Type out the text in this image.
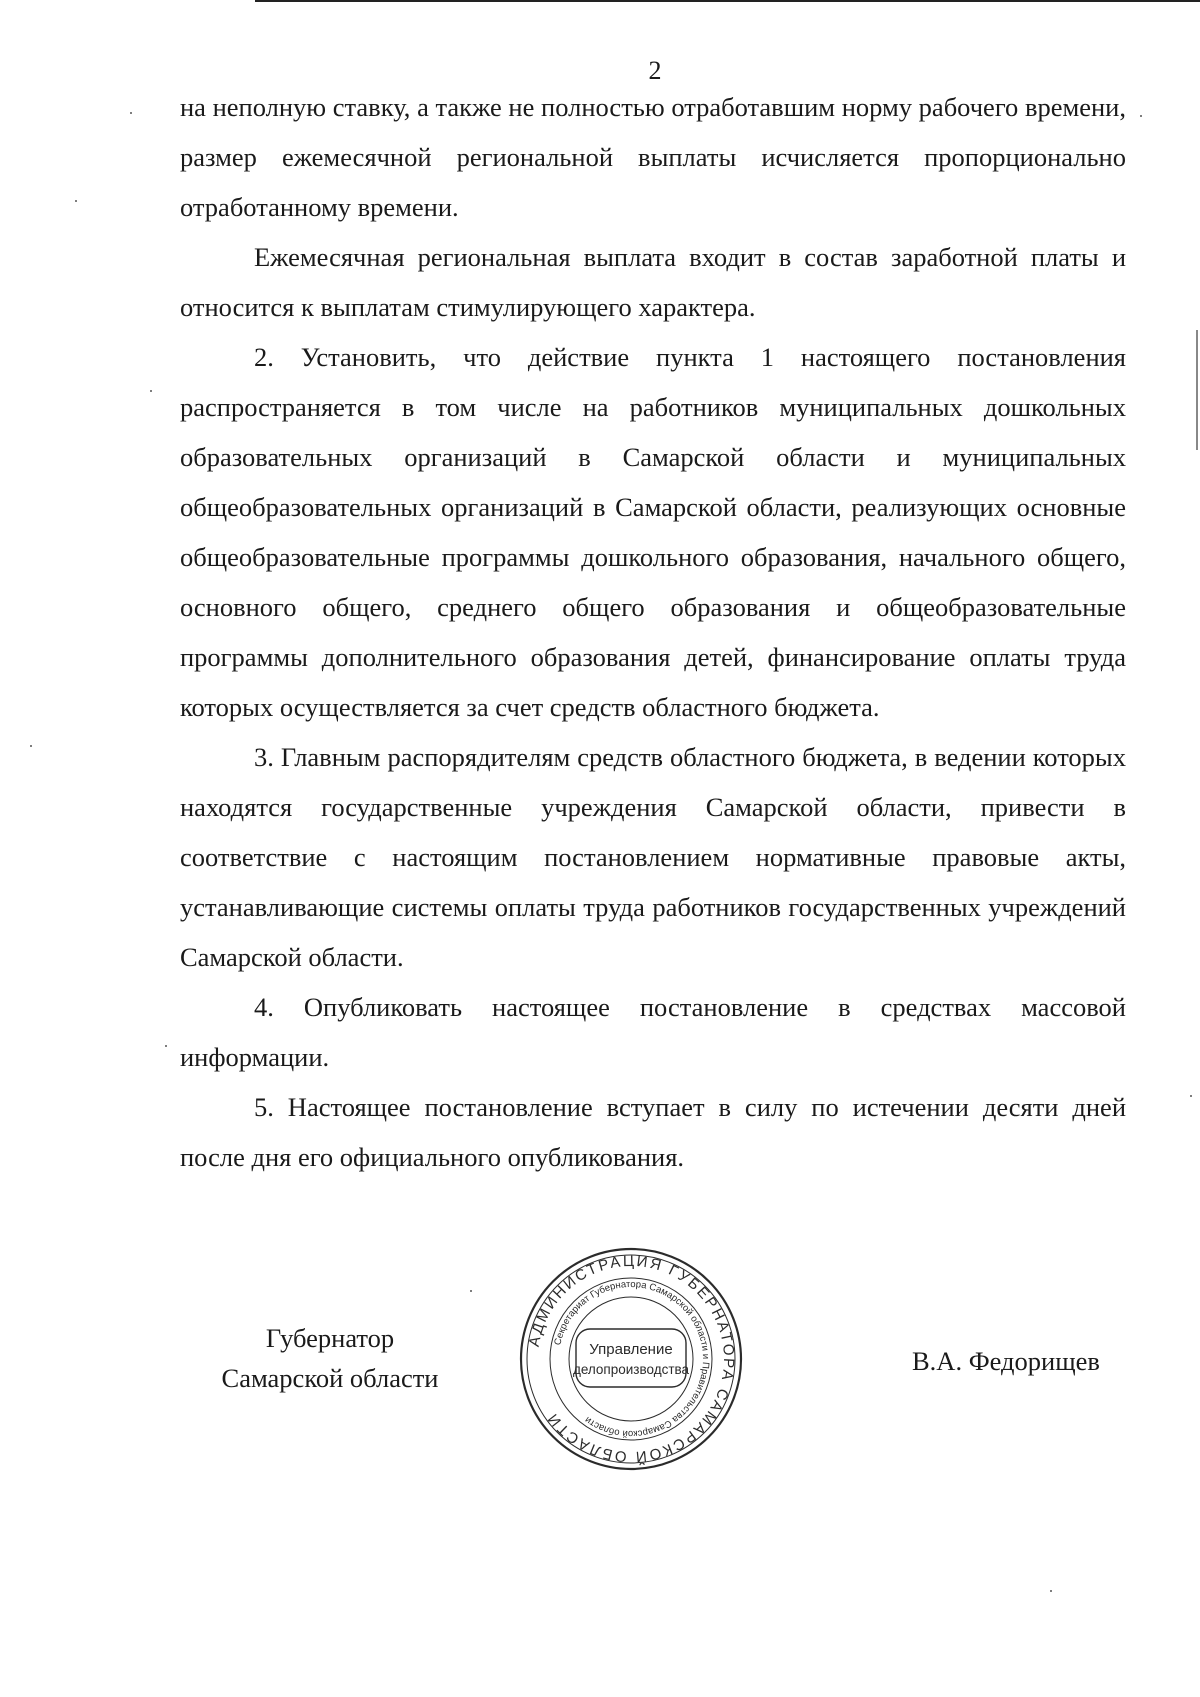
2

на неполную ставку, а также не полностью отработавшим норму рабочего времени, размер ежемесячной региональной выплаты исчисляется пропорционально отработанному времени.

Ежемесячная региональная выплата входит в состав заработной платы и относится к выплатам стимулирующего характера.

2. Установить, что действие пункта 1 настоящего постановления распространяется в том числе на работников муниципальных дошкольных образовательных организаций в Самарской области и муниципальных общеобразовательных организаций в Самарской области, реализующих основные общеобразовательные программы дошкольного образования, начального общего, основного общего, среднего общего образования и общеобразовательные программы дополнительного образования детей, финансирование оплаты труда которых осуществляется за счет средств областного бюджета.

3. Главным распорядителям средств областного бюджета, в ведении которых находятся государственные учреждения Самарской области, привести в соответствие с настоящим постановлением нормативные правовые акты, устанавливающие системы оплаты труда работников государственных учреждений Самарской области.

4. Опубликовать настоящее постановление в средствах массовой информации.

5. Настоящее постановление вступает в силу по истечении десяти дней после дня его официального опубликования.

Губернатор
Самарской области
АДМИНИСТРАЦИЯ ГУБЕРНАТОРА САМАРСКОЙ ОБЛАСТИ
Секретариат Губернатора Самарской области и Правительства Самарской области
Управление
делопроизводства	В.А. Федорищев
